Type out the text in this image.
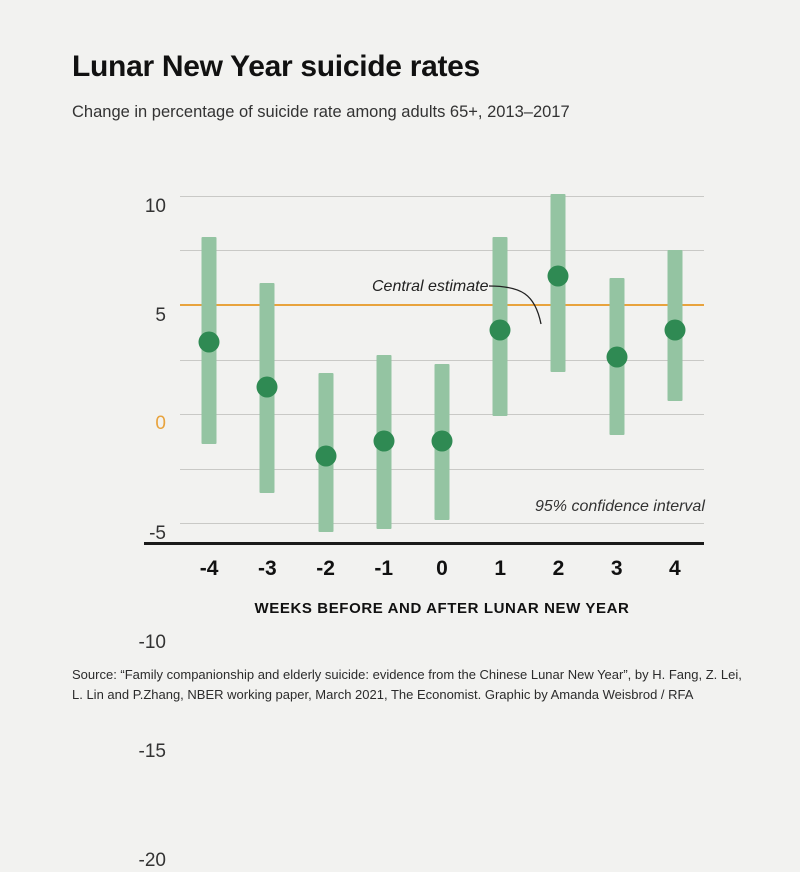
Lunar New Year suicide rates
Change in percentage of suicide rate among adults 65+, 2013–2017
10
5
0
-5
-10
-15
-20
-4 -3 -2 -1 0 1 2 3 4
Central estimate
95% confidence interval
WEEKS BEFORE AND AFTER LUNAR NEW YEAR
Source: “Family companionship and elderly suicide: evidence from the Chinese Lunar New Year”, by H. Fang, Z. Lei, L. Lin and P.Zhang, NBER working paper, March 2021, The Economist. Graphic by Amanda Weisbrod / RFA
